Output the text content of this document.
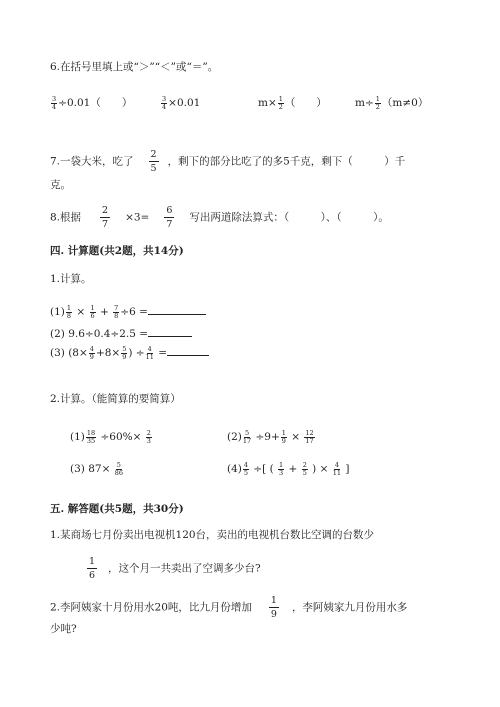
6.在括号里填上或“＞”“＜”或“＝”。
$\frac{3}{4} \div 0.01$（　　）	$\frac{3}{4} \times 0.01$	$m\times \frac{1}{2}$ （　　）	$m\div \frac{1}{2} (m\ne 0)$
7.一袋大米，吃了 $\frac{2}{5}$ ，剩下的部分比吃了的多5千克，剩下（　　　）千
克。
8.根据 $\frac{2}{7} \times 3= \frac{6}{7}$ 写出两道除法算式：（　　　）、（　　　）。
四. 计算题(共2题，共14分)
1.计算。
$(1) \frac{1}{8} \times \frac{1}{6} + \frac{7}{8} \div 6$ =
(2) 9.6÷0.4÷2.5 =
(3) ($8\times \frac{4}{9} +8\times \frac{5}{9}$ ) ÷ $\frac{4}{11}$ =
2.计算。（能简算的要简算）
$(1) \frac{18}{35} \div 60\%\times \frac{2}{3}$	$(2) \frac{5}{17} \div 9+ \frac{1}{9} \times \frac{12}{17}$
(3) $87\times \frac{5}{86}$	$(4) \frac{4}{5}$ ÷[ ( $\frac{1}{3} + \frac{2}{5}$ ) × $\frac{4}{11}$ ]
五. 解答题(共5题，共30分)
1.某商场七月份卖出电视机120台，卖出的电视机台数比空调的台数少
$\frac{1}{6}$ ，这个月一共卖出了空调多少台?
2.李阿姨家十月份用水20吨，比九月份增加 $\frac{1}{9}$ ，李阿姨家九月份用水多
少吨?
